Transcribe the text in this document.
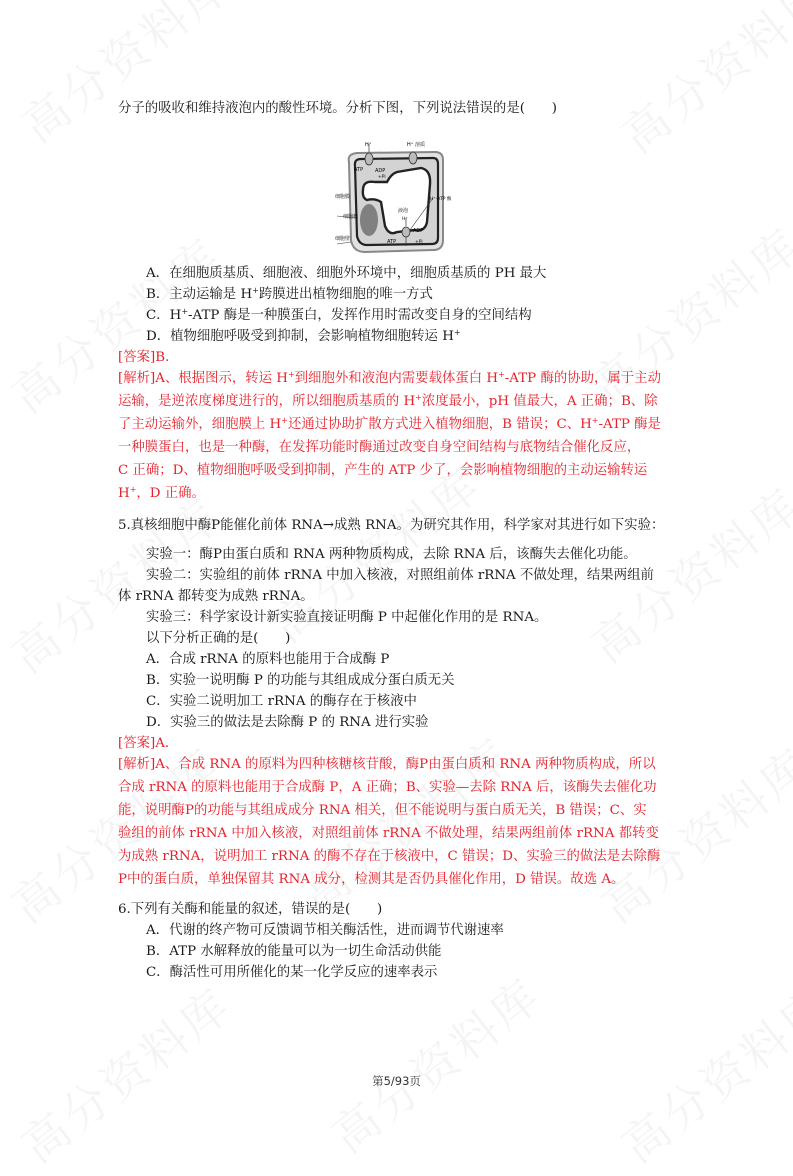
分子的吸收和维持液泡内的酸性环境。分析下图，下列说法错误的是(　　)
H⁺	H⁺ 溶质
ATP ADP
+Pi
细胞膜
细胞核
细胞壁
液泡
H⁺
H⁺-ATP 酶
ADP
ATP	+Pi
A．在细胞质基质、细胞液、细胞外环境中，细胞质基质的 PH 最大
B．主动运输是 H+跨膜进出植物细胞的唯一方式
C．H+-ATP 酶是一种膜蛋白，发挥作用时需改变自身的空间结构
D．植物细胞呼吸受到抑制，会影响植物细胞转运 H+
[答案]B.
[解析]A、根据图示，转运 H+到细胞外和液泡内需要载体蛋白 H+-ATP 酶的协助，属于主动
运输，是逆浓度梯度进行的，所以细胞质基质的 H+浓度最小，pH 值最大，A 正确；B、除
了主动运输外，细胞膜上 H+还通过协助扩散方式进入植物细胞，B 错误；C、H+-ATP 酶是
一种膜蛋白，也是一种酶，在发挥功能时酶通过改变自身空间结构与底物结合催化反应，
C 正确；D、植物细胞呼吸受到抑制，产生的 ATP 少了，会影响植物细胞的主动运输转运
H+，D 正确。
5.真核细胞中酶P能催化前体 RNA→成熟 RNA。为研究其作用，科学家对其进行如下实验：
实验一：酶P由蛋白质和 RNA 两种物质构成，去除 RNA 后，该酶失去催化功能。
实验二：实验组的前体 rRNA 中加入核液，对照组前体 rRNA 不做处理，结果两组前
体 rRNA 都转变为成熟 rRNA。
实验三：科学家设计新实验直接证明酶 P 中起催化作用的是 RNA。
以下分析正确的是(　　)
A．合成 rRNA 的原料也能用于合成酶 P
B．实验一说明酶 P 的功能与其组成成分蛋白质无关
C．实验二说明加工 rRNA 的酶存在于核液中
D．实验三的做法是去除酶 P 的 RNA 进行实验
[答案]A.
[解析]A、合成 RNA 的原料为四种核糖核苷酸，酶P由蛋白质和 RNA 两种物质构成，所以
合成 rRNA 的原料也能用于合成酶 P，A 正确；B、实验—去除 RNA 后，该酶失去催化功
能，说明酶P的功能与其组成成分 RNA 相关，但不能说明与蛋白质无关，B 错误；C、实
验组的前体 rRNA 中加入核液，对照组前体 rRNA 不做处理，结果两组前体 rRNA 都转变
为成熟 rRNA，说明加工 rRNA 的酶不存在于核液中，C 错误；D、实验三的做法是去除酶
P中的蛋白质，单独保留其 RNA 成分，检测其是否仍具催化作用，D 错误。故选 A。
6.下列有关酶和能量的叙述，错误的是(　　)
A．代谢的终产物可反馈调节相关酶活性，进而调节代谢速率
B．ATP 水解释放的能量可以为一切生命活动供能
C．酶活性可用所催化的某一化学反应的速率表示
第5/93页
